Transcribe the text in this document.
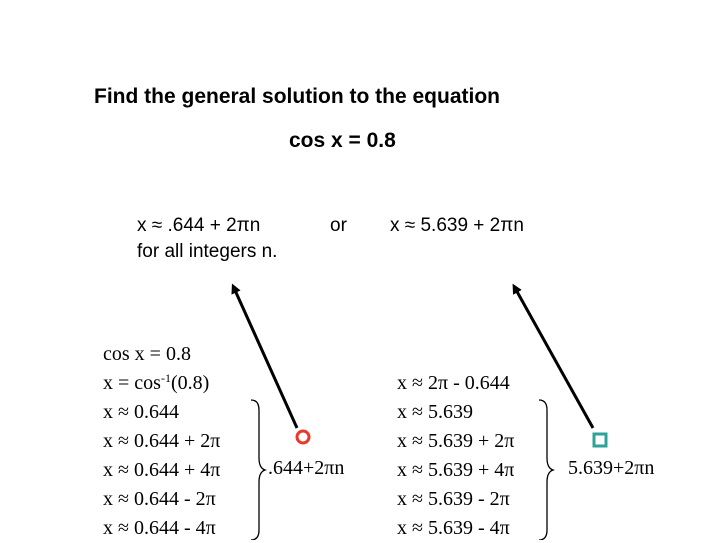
Find the general solution to the equation
cos x = 0.8
x ≈ .644 + 2πn	or x ≈ 5.639 + 2πn
for all integers n.
cos x = 0.8
$x = \cos^{-1}(0.8)$
x ≈ 0.644
x ≈ 0.644 + 2π
x ≈ 0.644 + 4π
x ≈ 0.644 - 2π
x ≈ 0.644 - 4π
.644+2πn
x ≈ 2π - 0.644
x ≈ 5.639
x ≈ 5.639 + 2π
x ≈ 5.639 + 4π
x ≈ 5.639 - 2π
x ≈ 5.639 - 4π
5.639+2πn
